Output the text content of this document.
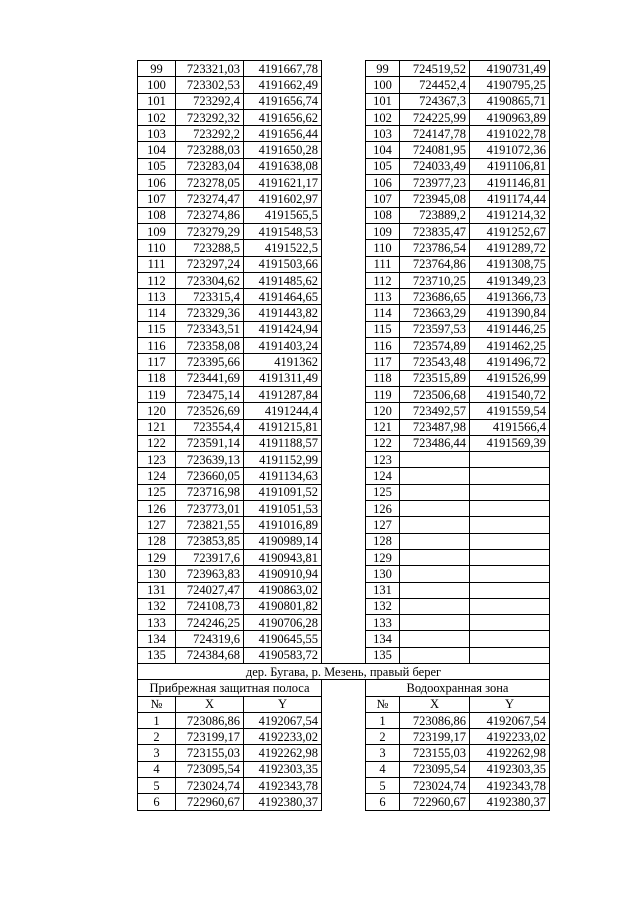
99	723321,03	4191667,78		99	724519,52	4190731,49
100	723302,53	4191662,49		100	724452,4	4190795,25
101	723292,4	4191656,74		101	724367,3	4190865,71
102	723292,32	4191656,62		102	724225,99	4190963,89
103	723292,2	4191656,44		103	724147,78	4191022,78
104	723288,03	4191650,28		104	724081,95	4191072,36
105	723283,04	4191638,08		105	724033,49	4191106,81
106	723278,05	4191621,17		106	723977,23	4191146,81
107	723274,47	4191602,97		107	723945,08	4191174,44
108	723274,86	4191565,5		108	723889,2	4191214,32
109	723279,29	4191548,53		109	723835,47	4191252,67
110	723288,5	4191522,5		110	723786,54	4191289,72
111	723297,24	4191503,66		111	723764,86	4191308,75
112	723304,62	4191485,62		112	723710,25	4191349,23
113	723315,4	4191464,65		113	723686,65	4191366,73
114	723329,36	4191443,82		114	723663,29	4191390,84
115	723343,51	4191424,94		115	723597,53	4191446,25
116	723358,08	4191403,24		116	723574,89	4191462,25
117	723395,66	4191362		117	723543,48	4191496,72
118	723441,69	4191311,49		118	723515,89	4191526,99
119	723475,14	4191287,84		119	723506,68	4191540,72
120	723526,69	4191244,4		120	723492,57	4191559,54
121	723554,4	4191215,81		121	723487,98	4191566,4
122	723591,14	4191188,57		122	723486,44	4191569,39
123	723639,13	4191152,99		123		
124	723660,05	4191134,63		124		
125	723716,98	4191091,52		125		
126	723773,01	4191051,53		126		
127	723821,55	4191016,89		127		
128	723853,85	4190989,14		128		
129	723917,6	4190943,81		129		
130	723963,83	4190910,94		130		
131	724027,47	4190863,02		131		
132	724108,73	4190801,82		132		
133	724246,25	4190706,28		133		
134	724319,6	4190645,55		134		
135	724384,68	4190583,72		135		
дер. Бугава, р. Мезень, правый берег						
Прибрежная защитная полоса				Водоохранная зона		
№	X	Y		№	X	Y
1	723086,86	4192067,54		1	723086,86	4192067,54
2	723199,17	4192233,02		2	723199,17	4192233,02
3	723155,03	4192262,98		3	723155,03	4192262,98
4	723095,54	4192303,35		4	723095,54	4192303,35
5	723024,74	4192343,78		5	723024,74	4192343,78
6	722960,67	4192380,37		6	722960,67	4192380,37
